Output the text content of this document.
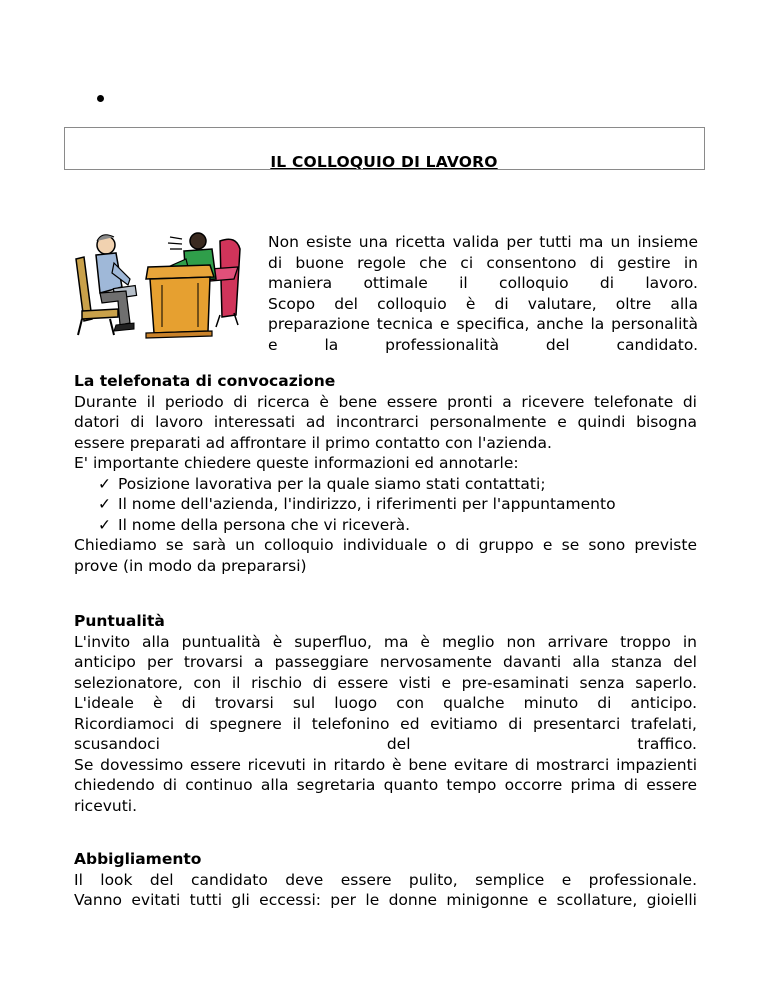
IL COLLOQUIO DI LAVORO
Non esiste una ricetta valida per tutti ma un insieme
di buone regole che ci consentono di gestire in
maniera ottimale il colloquio di lavoro.
Scopo del colloquio è di valutare, oltre alla
preparazione tecnica e specifica, anche la personalità
e la professionalità del candidato.
La telefonata di convocazione
Durante il periodo di ricerca è bene essere pronti a ricevere telefonate di
datori di lavoro interessati ad incontrarci personalmente e quindi bisogna
essere preparati ad affrontare il primo contatto con l'azienda.
E' importante chiedere queste informazioni ed annotarle:
✓ Posizione lavorativa per la quale siamo stati contattati;
✓ Il nome dell'azienda, l'indirizzo, i riferimenti per l'appuntamento
✓ Il nome della persona che vi riceverà.
Chiediamo se sarà un colloquio individuale o di gruppo e se sono previste
prove (in modo da prepararsi)
Puntualità
L'invito alla puntualità è superfluo, ma è meglio non arrivare troppo in
anticipo per trovarsi a passeggiare nervosamente davanti alla stanza del
selezionatore, con il rischio di essere visti e pre-esaminati senza saperlo.
L'ideale è di trovarsi sul luogo con qualche minuto di anticipo.
Ricordiamoci di spegnere il telefonino ed evitiamo di presentarci trafelati,
scusandoci del traffico.
Se dovessimo essere ricevuti in ritardo è bene evitare di mostrarci impazienti
chiedendo di continuo alla segretaria quanto tempo occorre prima di essere
ricevuti.
Abbigliamento
Il look del candidato deve essere pulito, semplice e professionale.
Vanno evitati tutti gli eccessi: per le donne minigonne e scollature, gioielli
